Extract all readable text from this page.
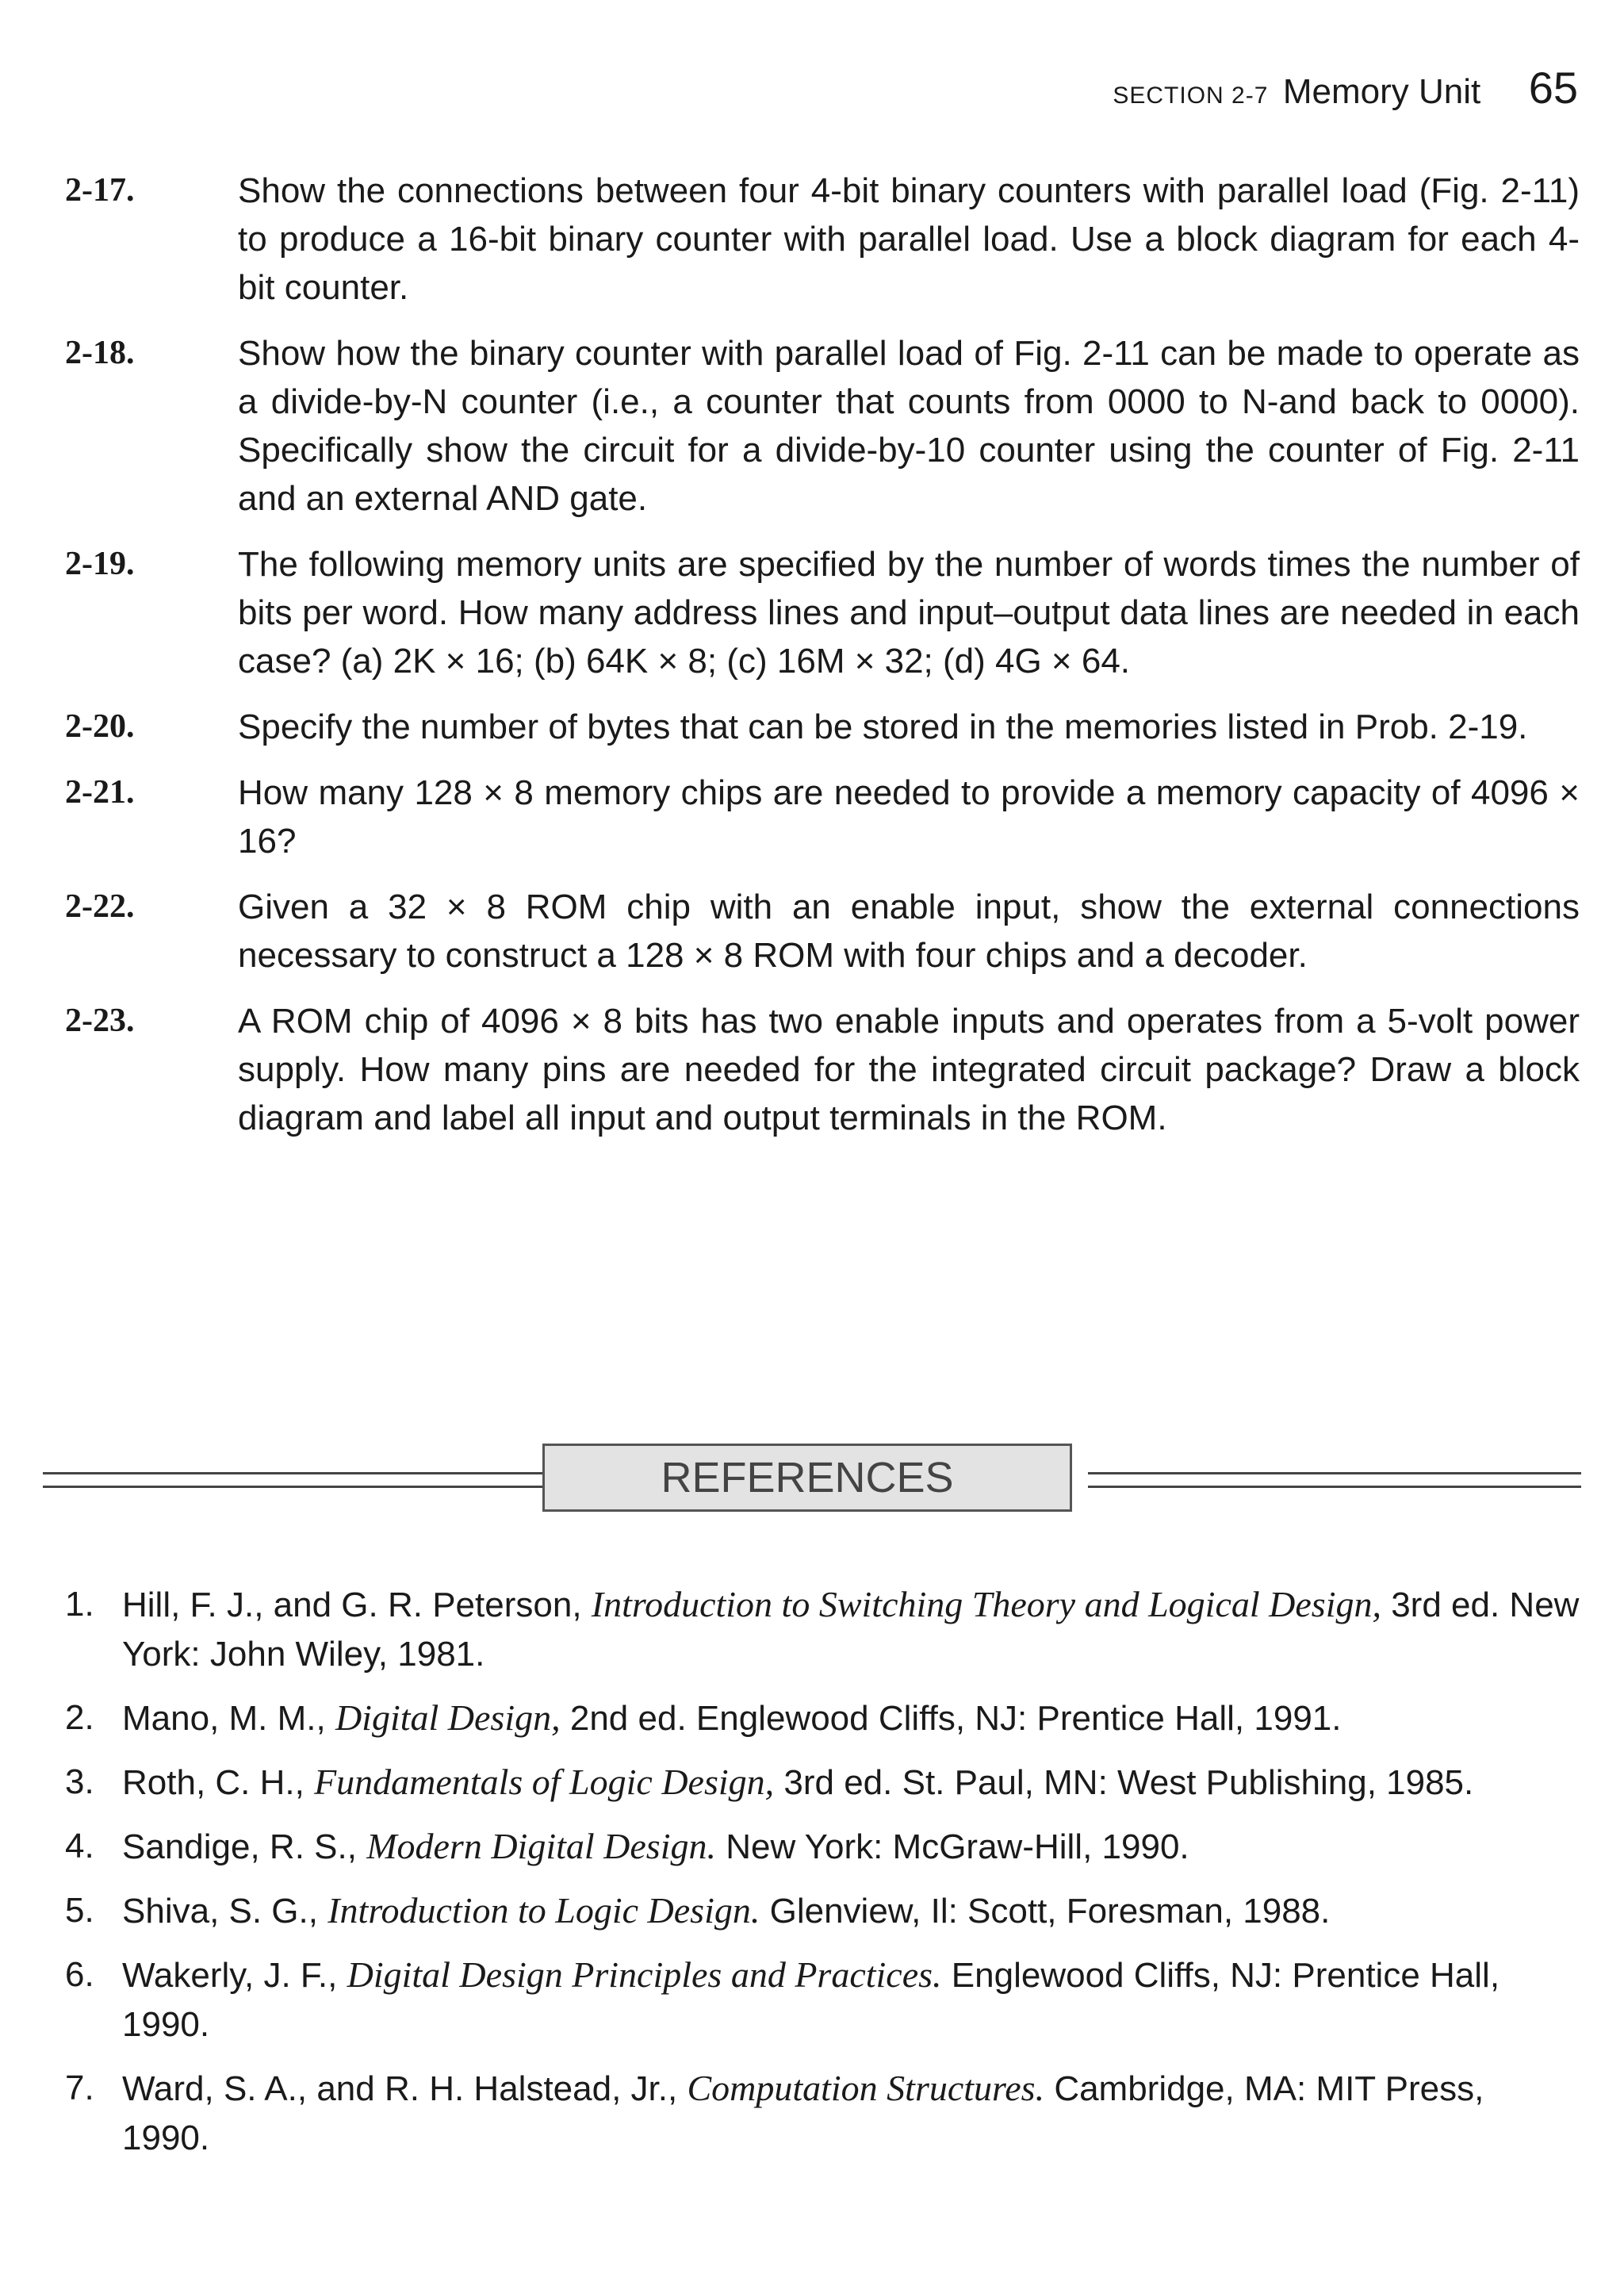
SECTION 2-7 Memory Unit 65
2-17.	Show the connections between four 4-bit binary counters with parallel load (Fig. 2-11) to produce a 16-bit binary counter with parallel load. Use a block diagram for each 4-bit counter.
2-18.	Show how the binary counter with parallel load of Fig. 2-11 can be made to operate as a divide-by-N counter (i.e., a counter that counts from 0000 to N-and back to 0000). Specifically show the circuit for a divide-by-10 counter using the counter of Fig. 2-11 and an external AND gate.
2-19.	The following memory units are specified by the number of words times the number of bits per word. How many address lines and input–output data lines are needed in each case? (a) 2K × 16; (b) 64K × 8; (c) 16M × 32; (d) 4G × 64.
2-20.	Specify the number of bytes that can be stored in the memories listed in Prob. 2-19.
2-21.	How many 128 × 8 memory chips are needed to provide a memory capacity of 4096 × 16?
2-22.	Given a 32 × 8 ROM chip with an enable input, show the external connections necessary to construct a 128 × 8 ROM with four chips and a decoder.
2-23.	A ROM chip of 4096 × 8 bits has two enable inputs and operates from a 5-volt power supply. How many pins are needed for the integrated circuit package? Draw a block diagram and label all input and output terminals in the ROM.
REFERENCES
1. Hill, F. J., and G. R. Peterson, Introduction to Switching Theory and Logical Design, 3rd ed. New York: John Wiley, 1981.
2. Mano, M. M., Digital Design, 2nd ed. Englewood Cliffs, NJ: Prentice Hall, 1991.
3. Roth, C. H., Fundamentals of Logic Design, 3rd ed. St. Paul, MN: West Publishing, 1985.
4. Sandige, R. S., Modern Digital Design. New York: McGraw-Hill, 1990.
5. Shiva, S. G., Introduction to Logic Design. Glenview, Il: Scott, Foresman, 1988.
6. Wakerly, J. F., Digital Design Principles and Practices. Englewood Cliffs, NJ: Prentice Hall, 1990.
7. Ward, S. A., and R. H. Halstead, Jr., Computation Structures. Cambridge, MA: MIT Press, 1990.
